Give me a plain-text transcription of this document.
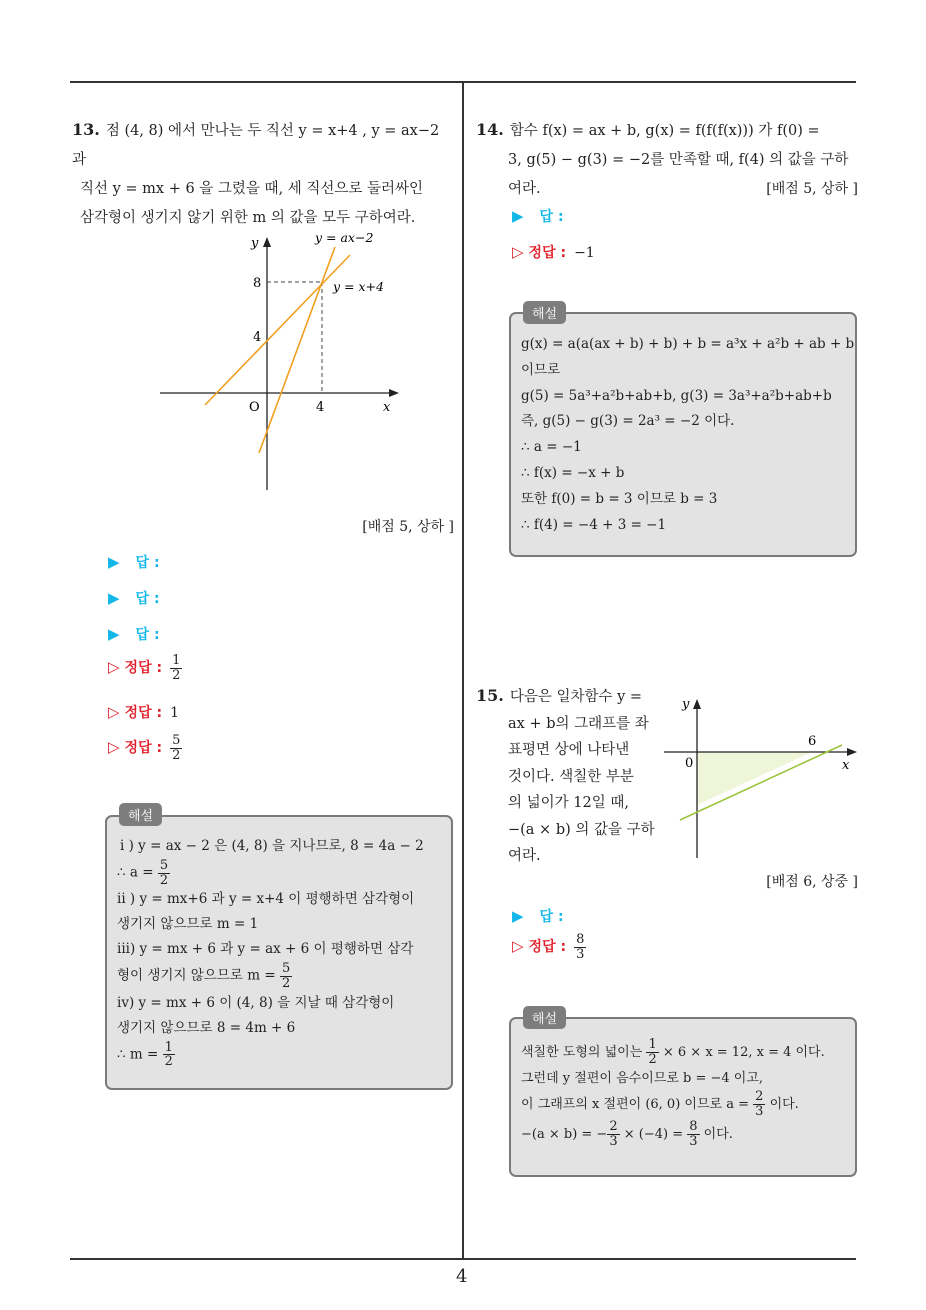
4
13. 점 (4, 8) 에서 만나는 두 직선 y = x+4 , y = ax−2 과
직선 y = mx + 6 을 그렸을 때, 세 직선으로 둘러싸인
삼각형이 생기지 않기 위한 m 의 값을 모두 구하여라.
y
x
O
8
4
4
y = ax−2
y = x+4
[배점 5, 상하 ]
▶ 답 :
▶ 답 :
▶ 답 :
▷ 정답 : $\frac{1}{2}$
▷ 정답 : 1
▷ 정답 : $\frac{5}{2}$
해설
i ) y = ax − 2 은 (4, 8) 을 지나므로, 8 = 4a − 2
∴ $a = \frac{5}{2}$
ii ) y = mx+6 과 y = x+4 이 평행하면 삼각형이
생기지 않으므로 m = 1
iii) y = mx + 6 과 y = ax + 6 이 평행하면 삼각
형이 생기지 않으므로 $m = \frac{5}{2}$
iv) y = mx + 6 이 (4, 8) 을 지날 때 삼각형이
생기지 않으므로 8 = 4m + 6
∴ $m = \frac{1}{2}$
14. 함수 f(x) = ax + b, g(x) = f(f(f(x))) 가 f(0) =
3, g(5) − g(3) = −2를 만족할 때, f(4) 의 값을 구하
여라.	[배점 5, 상하 ]
▶ 답 :
▷ 정답 : −1
해설
g(x) = a(a(ax + b) + b) + b = a³x + a²b + ab + b
이므로
g(5) = 5a³+a²b+ab+b, g(3) = 3a³+a²b+ab+b
즉, g(5) − g(3) = 2a³ = −2 이다.
∴ a = −1
∴ f(x) = −x + b
또한 f(0) = b = 3 이므로 b = 3
∴ f(4) = −4 + 3 = −1
15. 다음은 일차함수 y =
ax + b의 그래프를 좌
표평면 상에 나타낸
것이다. 색칠한 부분
의 넓이가 12일 때,
−(a × b) 의 값을 구하
여라.
y
x
0
6
[배점 6, 상중 ]
▶ 답 :
▷ 정답 : $\frac{8}{3}$
해설
색칠한 도형의 넓이는 $\frac{1}{2} \times 6 \times x = 12$, x = 4 이다.
그런데 y 절편이 음수이므로 b = −4 이고,
이 그래프의 x 절편이 (6, 0) 이므로 $a = \frac{2}{3}$ 이다.
−(a × b) = − $\frac{2}{3} \times (-4) = \frac{8}{3}$ 이다.
